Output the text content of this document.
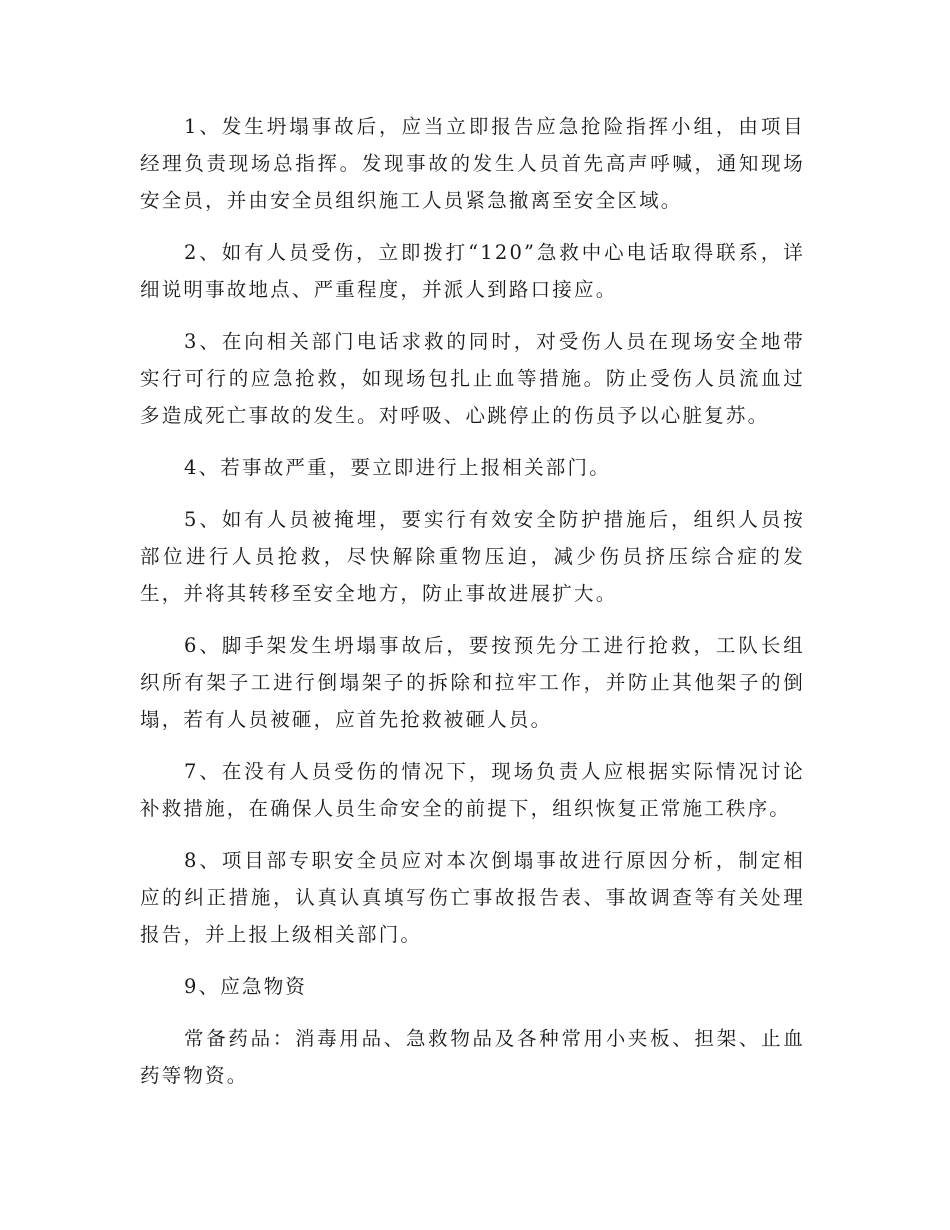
1、发生坍塌事故后，应当立即报告应急抢险指挥小组，由项目经理负责现场总指挥。发现事故的发生人员首先高声呼喊，通知现场安全员，并由安全员组织施工人员紧急撤离至安全区域。

2、如有人员受伤，立即拨打“120”急救中心电话取得联系，详细说明事故地点、严重程度，并派人到路口接应。

3、在向相关部门电话求救的同时，对受伤人员在现场安全地带实行可行的应急抢救，如现场包扎止血等措施。防止受伤人员流血过多造成死亡事故的发生。对呼吸、心跳停止的伤员予以心脏复苏。

4、若事故严重，要立即进行上报相关部门。

5、如有人员被掩埋，要实行有效安全防护措施后，组织人员按部位进行人员抢救，尽快解除重物压迫，减少伤员挤压综合症的发生，并将其转移至安全地方，防止事故进展扩大。

6、脚手架发生坍塌事故后，要按预先分工进行抢救，工队长组织所有架子工进行倒塌架子的拆除和拉牢工作，并防止其他架子的倒塌，若有人员被砸，应首先抢救被砸人员。

7、在没有人员受伤的情况下，现场负责人应根据实际情况讨论补救措施，在确保人员生命安全的前提下，组织恢复正常施工秩序。

8、项目部专职安全员应对本次倒塌事故进行原因分析，制定相应的纠正措施，认真认真填写伤亡事故报告表、事故调查等有关处理报告，并上报上级相关部门。

9、应急物资

常备药品：消毒用品、急救物品及各种常用小夹板、担架、止血药等物资。
